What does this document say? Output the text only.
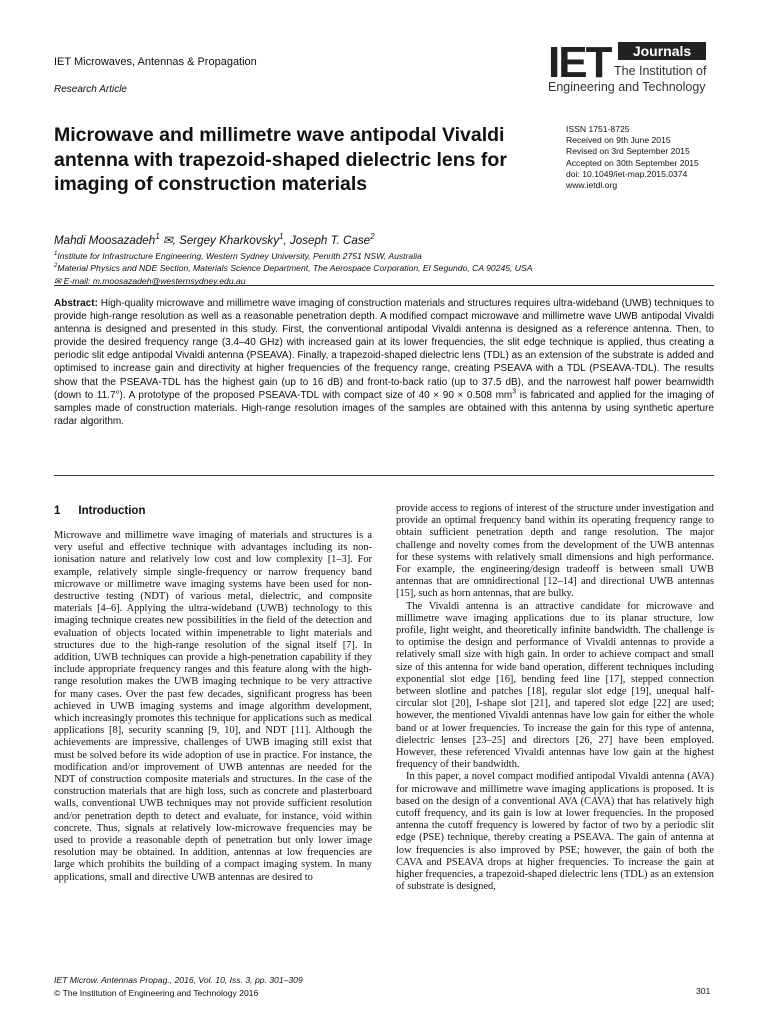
IET Microwaves, Antennas & Propagation
Research Article
IET	Journals
The Institution of
Engineering and Technology
Microwave and millimetre wave antipodal Vivaldi antenna with trapezoid-shaped dielectric lens for imaging of construction materials
ISSN 1751-8725
Received on 9th June 2015
Revised on 3rd September 2015
Accepted on 30th September 2015
doi: 10.1049/iet-map.2015.0374
www.ietdl.org
Mahdi Moosazadeh$^1$ ✉, Sergey Kharkovsky$^1$, Joseph T. Case$^2$
$^1$Institute for Infrastructure Engineering, Western Sydney University, Penrith 2751 NSW, Australia
$^2$Material Physics and NDE Section, Materials Science Department, The Aerospace Corporation, El Segundo, CA 90245, USA
✉ E-mail: m.moosazadeh@westernsydney.edu.au
Abstract: High-quality microwave and millimetre wave imaging of construction materials and structures requires ultra-wideband (UWB) techniques to provide high-range resolution as well as a reasonable penetration depth. A modified compact microwave and millimetre wave UWB antipodal Vivaldi antenna is designed and presented in this study. First, the conventional antipodal Vivaldi antenna is designed as a reference antenna. Then, to provide the desired frequency range (3.4–40 GHz) with increased gain at its lower frequencies, the slit edge technique is applied, thus creating a periodic slit edge antipodal Vivaldi antenna (PSEAVA). Finally, a trapezoid-shaped dielectric lens (TDL) as an extension of the substrate is added and optimised to increase gain and directivity at higher frequencies of the frequency range, creating PSEAVA with a TDL (PSEAVA-TDL). The results show that the PSEAVA-TDL has the highest gain (up to 16 dB) and front-to-back ratio (up to 37.5 dB), and the narrowest half power beamwidth (down to 11.7°). A prototype of the proposed PSEAVA-TDL with compact size of 40 × 90 × 0.508 $mm^3$ is fabricated and applied for the imaging of samples made of construction materials. High-range resolution images of the samples are obtained with this antenna by using synthetic aperture radar algorithm.
1 Introduction

Microwave and millimetre wave imaging of materials and structures is a very useful and effective technique with advantages including its non-ionisation nature and relatively low cost and low complexity [1–3]. For example, relatively simple single-frequency or narrow frequency band microwave or millimetre wave imaging systems have been used for non-destructive testing (NDT) of various metal, dielectric, and composite materials [4–6]. Applying the ultra-wideband (UWB) technology to this imaging technique creates new possibilities in the field of the detection and evaluation of objects located within impenetrable to light materials and structures due to the high-range resolution of the signal itself [7]. In addition, UWB techniques can provide a high-penetration capability if they include appropriate frequency ranges and this feature along with the high-range resolution makes the UWB imaging technique to be very attractive for many cases. Over the past few decades, significant progress has been achieved in UWB imaging systems and image algorithm development, which increasingly promotes this technique for applications such as medical applications [8], security scanning [9, 10], and NDT [11]. Although the achievements are impressive, challenges of UWB imaging still exist that must be solved before its wide adoption of use in practice. For instance, the modification and/or improvement of UWB antennas are needed for the NDT of construction composite materials and structures. In the case of the construction materials that are high loss, such as concrete and plasterboard walls, conventional UWB techniques may not provide sufficient resolution and/or penetration depth to detect and evaluate, for instance, void within concrete. Thus, signals at relatively low-microwave frequencies may be used to provide a reasonable depth of penetration but only lower image resolution may be obtained. In addition, antennas at low frequencies are large which prohibits the building of a compact imaging system. In many applications, small and directive UWB antennas are desired to

provide access to regions of interest of the structure under investigation and provide an optimal frequency band within its operating frequency range to obtain sufficient penetration depth and range resolution. The major challenge and novelty comes from the development of the UWB antennas for these systems with relatively small dimensions and high performance. For example, the engineering/design tradeoff is between small UWB antennas that are omnidirectional [12–14] and directional UWB antennas [15], such as horn antennas, that are bulky.

The Vivaldi antenna is an attractive candidate for microwave and millimetre wave imaging applications due to its planar structure, low profile, light weight, and theoretically infinite bandwidth. The challenge is to optimise the design and performance of Vivaldi antennas to provide a relatively small size with high gain. In order to achieve compact and small size of this antenna for wide band operation, different techniques including exponential slot edge [16], bending feed line [17], stepped connection between slotline and patches [18], regular slot edge [19], unequal half-circular slot [20], I-shape slot [21], and tapered slot edge [22] are used; however, the mentioned Vivaldi antennas have low gain for either the whole band or at lower frequencies. To increase the gain for this type of antenna, dielectric lenses [23–25] and directors [26, 27] have been employed. However, these referenced Vivaldi antennas have low gain at the highest frequency of their bandwidth.

In this paper, a novel compact modified antipodal Vivaldi antenna (AVA) for microwave and millimetre wave imaging applications is proposed. It is based on the design of a conventional AVA (CAVA) that has relatively high cutoff frequency, and its gain is low at lower frequencies. In the proposed antenna the cutoff frequency is lowered by factor of two by a periodic slit edge (PSE) technique, thereby creating a PSEAVA. The gain of antenna at low frequencies is also improved by PSE; however, the gain of both the CAVA and PSEAVA drops at higher frequencies. To increase the gain at higher frequencies, a trapezoid-shaped dielectric lens (TDL) as an extension of substrate is designed,

IET Microw. Antennas Propag., 2016, Vol. 10, Iss. 3, pp. 301–309
© The Institution of Engineering and Technology 2016	301
